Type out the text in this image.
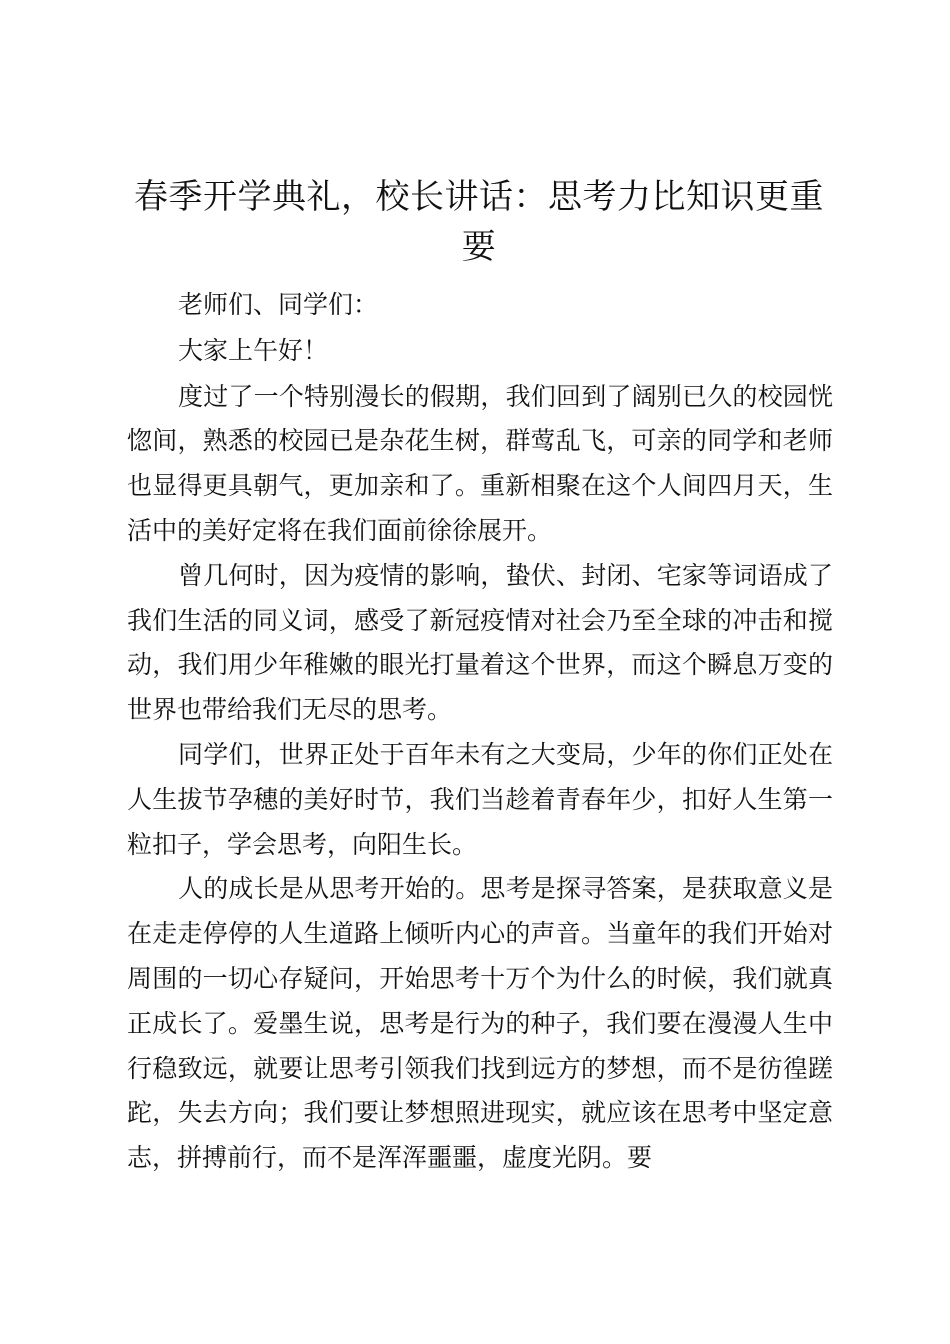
春季开学典礼，校长讲话：思考力比知识更重要

老师们、同学们：

大家上午好！

度过了一个特别漫长的假期，我们回到了阔别已久的校园恍惚间，熟悉的校园已是杂花生树，群莺乱飞，可亲的同学和老师也显得更具朝气，更加亲和了。重新相聚在这个人间四月天，生活中的美好定将在我们面前徐徐展开。

曾几何时，因为疫情的影响，蛰伏、封闭、宅家等词语成了我们生活的同义词，感受了新冠疫情对社会乃至全球的冲击和搅动，我们用少年稚嫩的眼光打量着这个世界，而这个瞬息万变的世界也带给我们无尽的思考。

同学们，世界正处于百年未有之大变局，少年的你们正处在人生拔节孕穗的美好时节，我们当趁着青春年少，扣好人生第一粒扣子，学会思考，向阳生长。

人的成长是从思考开始的。思考是探寻答案，是获取意义是在走走停停的人生道路上倾听内心的声音。当童年的我们开始对周围的一切心存疑问，开始思考十万个为什么的时候，我们就真正成长了。爱墨生说，思考是行为的种子，我们要在漫漫人生中行稳致远，就要让思考引领我们找到远方的梦想，而不是彷徨蹉跎，失去方向；我们要让梦想照进现实，就应该在思考中坚定意志，拼搏前行，而不是浑浑噩噩，虚度光阴。要
